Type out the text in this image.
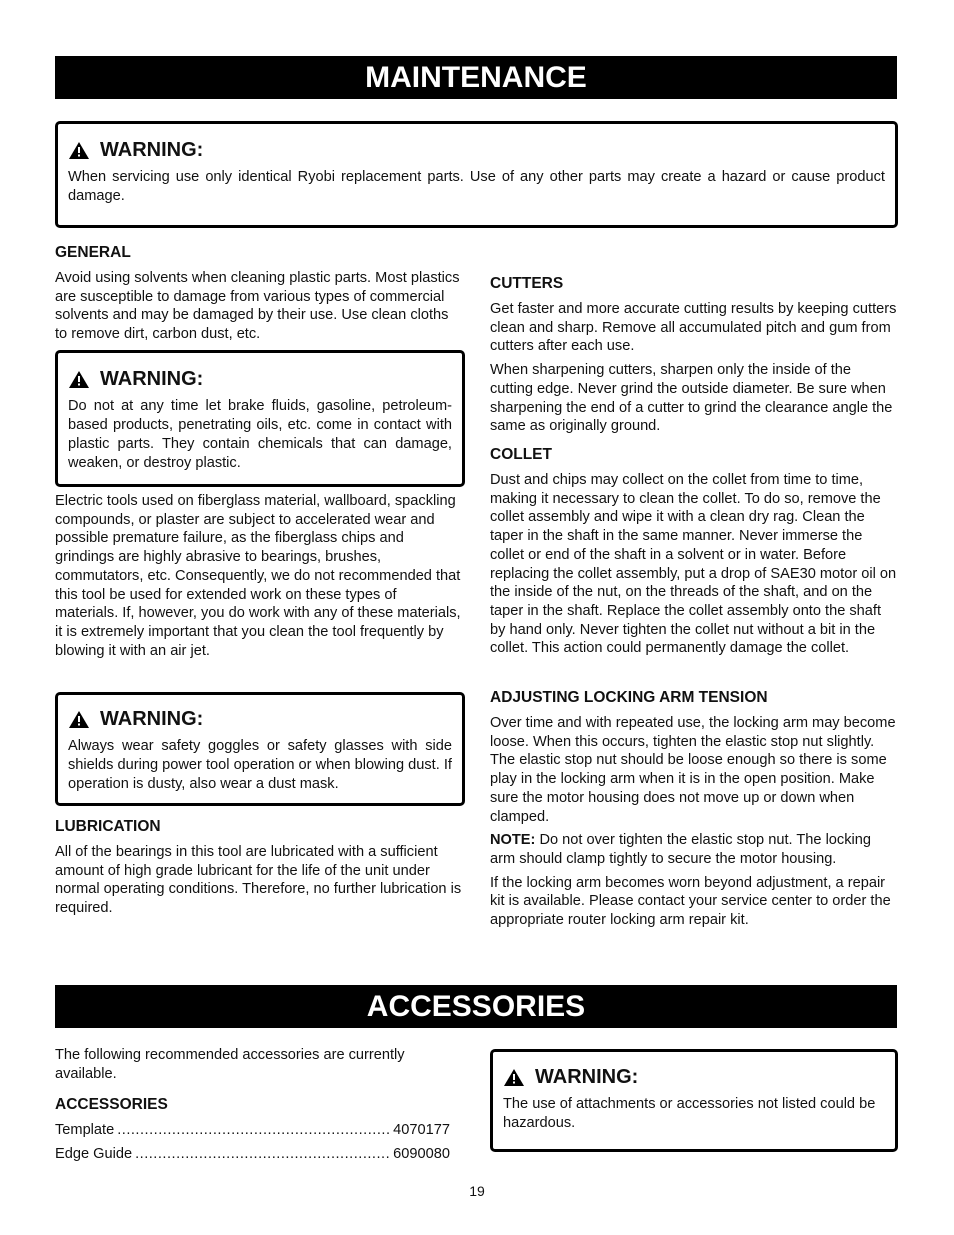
MAINTENANCE
WARNING:
When servicing use only identical Ryobi replacement parts. Use of any other parts may create a hazard or cause product damage.
GENERAL

Avoid using solvents when cleaning plastic parts. Most plastics are susceptible to damage from various types of commercial solvents and may be damaged by their use. Use clean cloths to remove dirt, carbon dust, etc.

WARNING:
Do not at any time let brake fluids, gasoline, petroleum-based products, penetrating oils, etc. come in contact with plastic parts. They contain chemicals that can damage, weaken, or destroy plastic.

Electric tools used on fiberglass material, wallboard, spackling compounds, or plaster are subject to accelerated wear and possible premature failure, as the fiberglass chips and grindings are highly abrasive to bearings, brushes, commutators, etc. Consequently, we do not recommended that this tool be used for extended work on these types of materials. If, however, you do work with any of these materials, it is extremely important that you clean the tool frequently by blowing it with an air jet.

WARNING:
Always wear safety goggles or safety glasses with side shields during power tool operation or when blowing dust. If operation is dusty, also wear a dust mask.
LUBRICATION

All of the bearings in this tool are lubricated with a sufficient amount of high grade lubricant for the life of the unit under normal operating conditions. Therefore, no further lubrication is required.

CUTTERS

Get faster and more accurate cutting results by keeping cutters clean and sharp. Remove all accumulated pitch and gum from cutters after each use.

When sharpening cutters, sharpen only the inside of the cutting edge. Never grind the outside diameter. Be sure when sharpening the end of a cutter to grind the clearance angle the same as originally ground.

COLLET

Dust and chips may collect on the collet from time to time, making it necessary to clean the collet. To do so, remove the collet assembly and wipe it with a clean dry rag. Clean the taper in the shaft in the same manner. Never immerse the collet or end of the shaft in a solvent or in water. Before replacing the collet assembly, put a drop of SAE30 motor oil on the inside of the nut, on the threads of the shaft, and on the taper in the shaft. Replace the collet assembly onto the shaft by hand only. Never tighten the collet nut without a bit in the collet. This action could permanently damage the collet.

ADJUSTING LOCKING ARM TENSION

Over time and with repeated use, the locking arm may become loose. When this occurs, tighten the elastic stop nut slightly. The elastic stop nut should be loose enough so there is some play in the locking arm when it is in the open position. Make sure the motor housing does not move up or down when clamped.

NOTE: Do not over tighten the elastic stop nut. The locking arm should clamp tightly to secure the motor housing.

If the locking arm becomes worn beyond adjustment, a repair kit is available. Please contact your service center to order the appropriate router locking arm repair kit.

ACCESSORIES

The following recommended accessories are currently available.

ACCESSORIES
Template .....	4070177
Edge Guide .....	6090080
WARNING:
The use of attachments or accessories not listed could be hazardous.
19
